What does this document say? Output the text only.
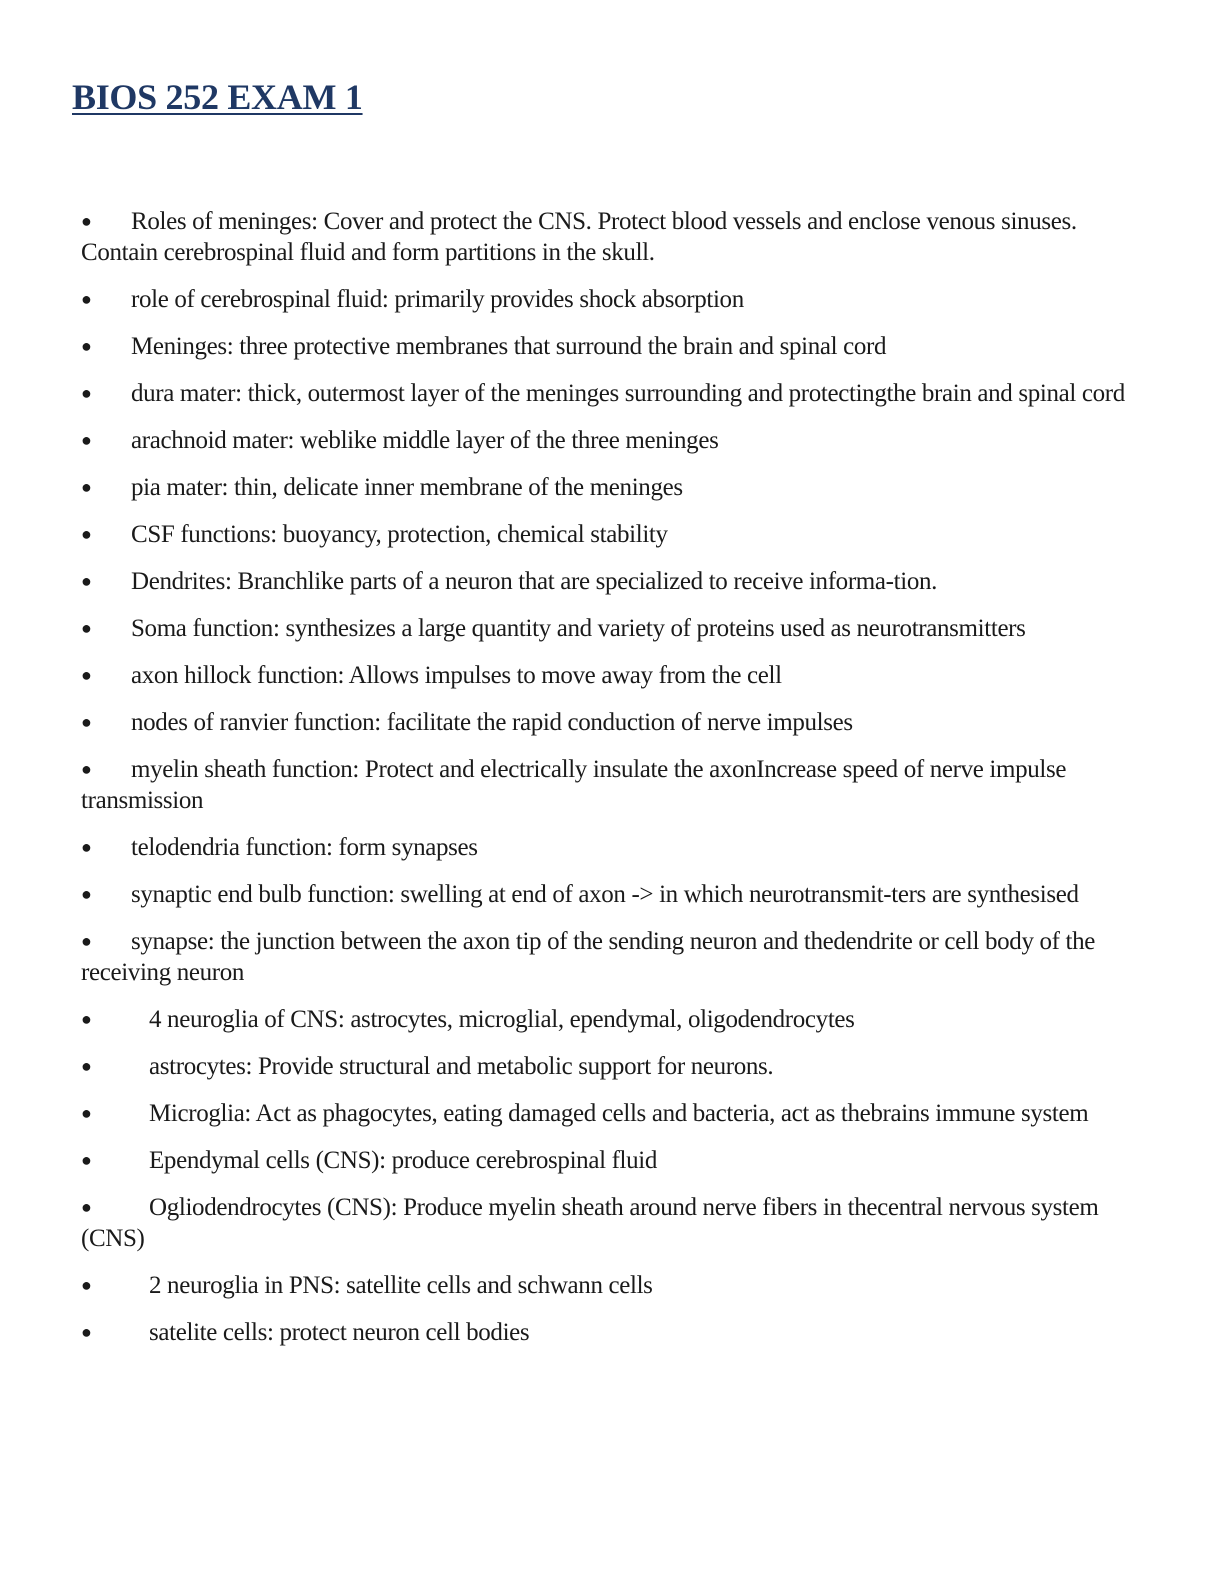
BIOS 252 EXAM 1
● Roles of meninges: Cover and protect the CNS. Protect blood vessels and enclose venous sinuses. Contain cerebrospinal fluid and form partitions in the skull.
● role of cerebrospinal fluid: primarily provides shock absorption
● Meninges: three protective membranes that surround the brain and spinal cord
● dura mater: thick, outermost layer of the meninges surrounding and protectingthe brain and spinal cord
● arachnoid mater: weblike middle layer of the three meninges
● pia mater: thin, delicate inner membrane of the meninges
● CSF functions: buoyancy, protection, chemical stability
● Dendrites: Branchlike parts of a neuron that are specialized to receive informa-tion.
● Soma function: synthesizes a large quantity and variety of proteins used as neurotransmitters
● axon hillock function: Allows impulses to move away from the cell
● nodes of ranvier function: facilitate the rapid conduction of nerve impulses
● myelin sheath function: Protect and electrically insulate the axonIncrease speed of nerve impulse transmission
● telodendria function: form synapses
● synaptic end bulb function: swelling at end of axon -> in which neurotransmit-ters are synthesised
● synapse: the junction between the axon tip of the sending neuron and thedendrite or cell body of the receiving neuron
● 4 neuroglia of CNS: astrocytes, microglial, ependymal, oligodendrocytes
● astrocytes: Provide structural and metabolic support for neurons.
● Microglia: Act as phagocytes, eating damaged cells and bacteria, act as thebrains immune system
● Ependymal cells (CNS): produce cerebrospinal fluid
● Ogliodendrocytes (CNS): Produce myelin sheath around nerve fibers in thecentral nervous system (CNS)
● 2 neuroglia in PNS: satellite cells and schwann cells
● satelite cells: protect neuron cell bodies
